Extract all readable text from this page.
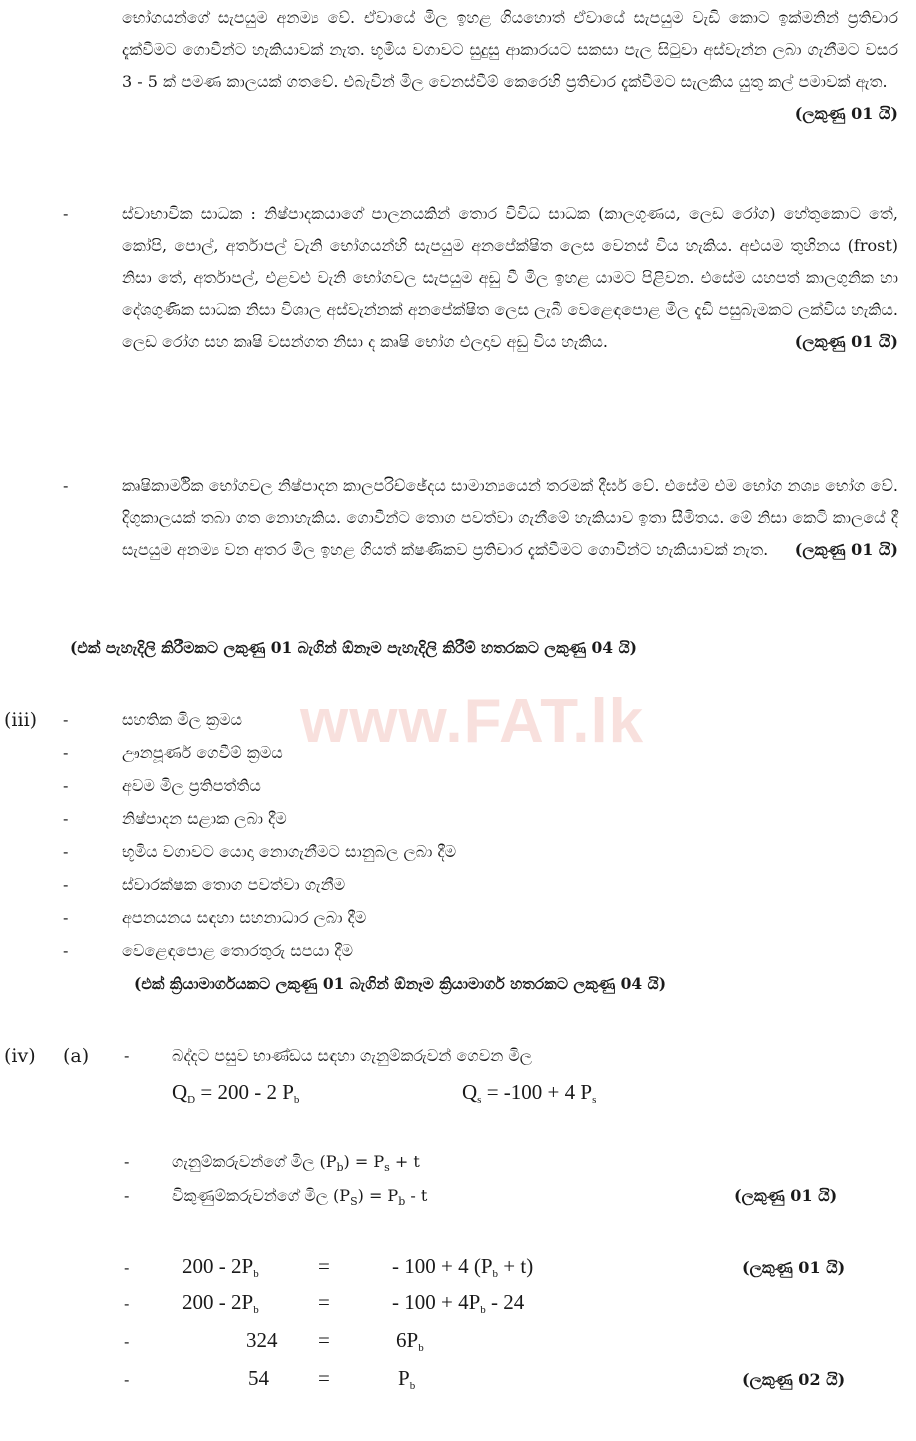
www.FAT.lk
භෝගයන්ගේ සැපයුම අනම්‍ය වේ. ඒවායේ මිල ඉහළ ගියහොත් ඒවායේ සැපයුම වැඩි කොට ඉක්මනින් ප්‍රතිචාර දැක්වීමට ගොවීන්ට හැකියාවක් නැත. භූමිය වගාවට සුදුසු ආකාරයට සකසා පැල සිටුවා අස්වැන්න ලබා ගැනීමට වසර 3 - 5 ක් පමණ කාලයක් ගතවේ. එබැවින් මිල වෙනස්වීම් කෙරෙහි ප්‍රතිචාර දැක්වීමට සැලකිය යුතු කල් පමාවක් ඇත.
(ලකුණු 01 යි)
-	ස්වාභාවික සාධක : නිෂ්පාදකයාගේ පාලනයකින් තොර විවිධ සාධක (කාලගුණය, ලෙඩ රෝග) හේතුකොට තේ, කෝපි, පොල්, අර්තාපල් වැනි භෝගයන්හි සැපයුම අනපේක්ෂිත ලෙස වෙනස් විය හැකිය. අඑයම තුහිනය (frost) නිසා තේ, අර්තාපල්, එළවළු වැනි භෝගවල සැපයුම අඩු වී මිල ඉහළ යාමට පිළිවන. එසේම යහපත් කාලගුනික හා දේශගුණික සාධක නිසා විශාල අස්වැන්නක් අනපේක්ෂිත ලෙස ලැබී වෙළෙඳපොළ මිල දැඩි පසුබැමකට ලක්විය හැකිය. ලෙඩ රෝග සහ කෘෂි වසන්ගත නිසා ද කෘෂි භෝග එලදාව අඩු විය හැකිය.	(ලකුණු 01 යි)
-	කෘෂිකාර්මික භෝගවල නිෂ්පාදන කාලපරිච්ඡේදය සාමාන්‍යයෙන් තරමක් දීර්ඝ වේ. එසේම එම භෝග නශ්‍ය භෝග වේ. දිගුකාලයක් තබා ගත නොහැකිය. ගොවීන්ට තොග පවත්වා ගැනීමේ හැකියාව ඉතා සීමිතය. මේ නිසා කෙටි කාලයේ දී සැපයුම අනම්‍ය වන අතර මිල ඉහළ ගියත් ක්ෂණිකව ප්‍රතිචාර දැක්වීමට ගොවීන්ට හැකියාවක් නැත. (ලකුණු 01 යි)
(එක් පැහැදිලි කිරීමකට ලකුණු 01 බැගින් ඕනෑම පැහැදිලි කිරීම් හතරකට ලකුණු 04 යි)
(iii) -	සහතික මිල ක්‍රමය
-	ඌනපූර්ණ ගෙවීම් ක්‍රමය
-	අවම මිල ප්‍රතිපත්තිය
-	නිෂ්පාදන සළාක ලබා දීම
-	භූමිය වගාවට යොදා නොගැනීමට සානුබල ලබා දීම
-	ස්වාරක්ෂක තොග පවත්වා ගැනීම
-	අපනයනය සඳහා සහනාධාර ලබා දීම
-	වෙළෙඳපොළ තොරතුරු සපයා දීම
(එක් ක්‍රියාමාර්ගයකට ලකුණු 01 බැගින් ඕනෑම ක්‍රියාමාර්ග හතරකට ලකුණු 04 යි)
(iv) (a) -	බද්දට පසුව භාණ්ඩය සඳහා ගැනුම්කරුවන් ගෙවන මිල
$Q_D = 200 - 2$ $P_b$	$Q_s = -100 + 4$ $P_s$
-	ගැනුම්කරුවන්ගේ මිල $(P_b) = P_s + t$
-	විකුණුම්කරුවන්ගේ මිල $(P_S) = P_b - t$	(ලකුණු 01 යි)
-	$200 - 2P_b$	=	- 100 + 4 $(P_b + t)$	(ලකුණු 01 යි)
-	$200 - 2P_b$	=	- $100 + 4P_b - 24$
-	324 =	$6P_b$
-	54 =	$P_b$	(ලකුණු 02 යි)
